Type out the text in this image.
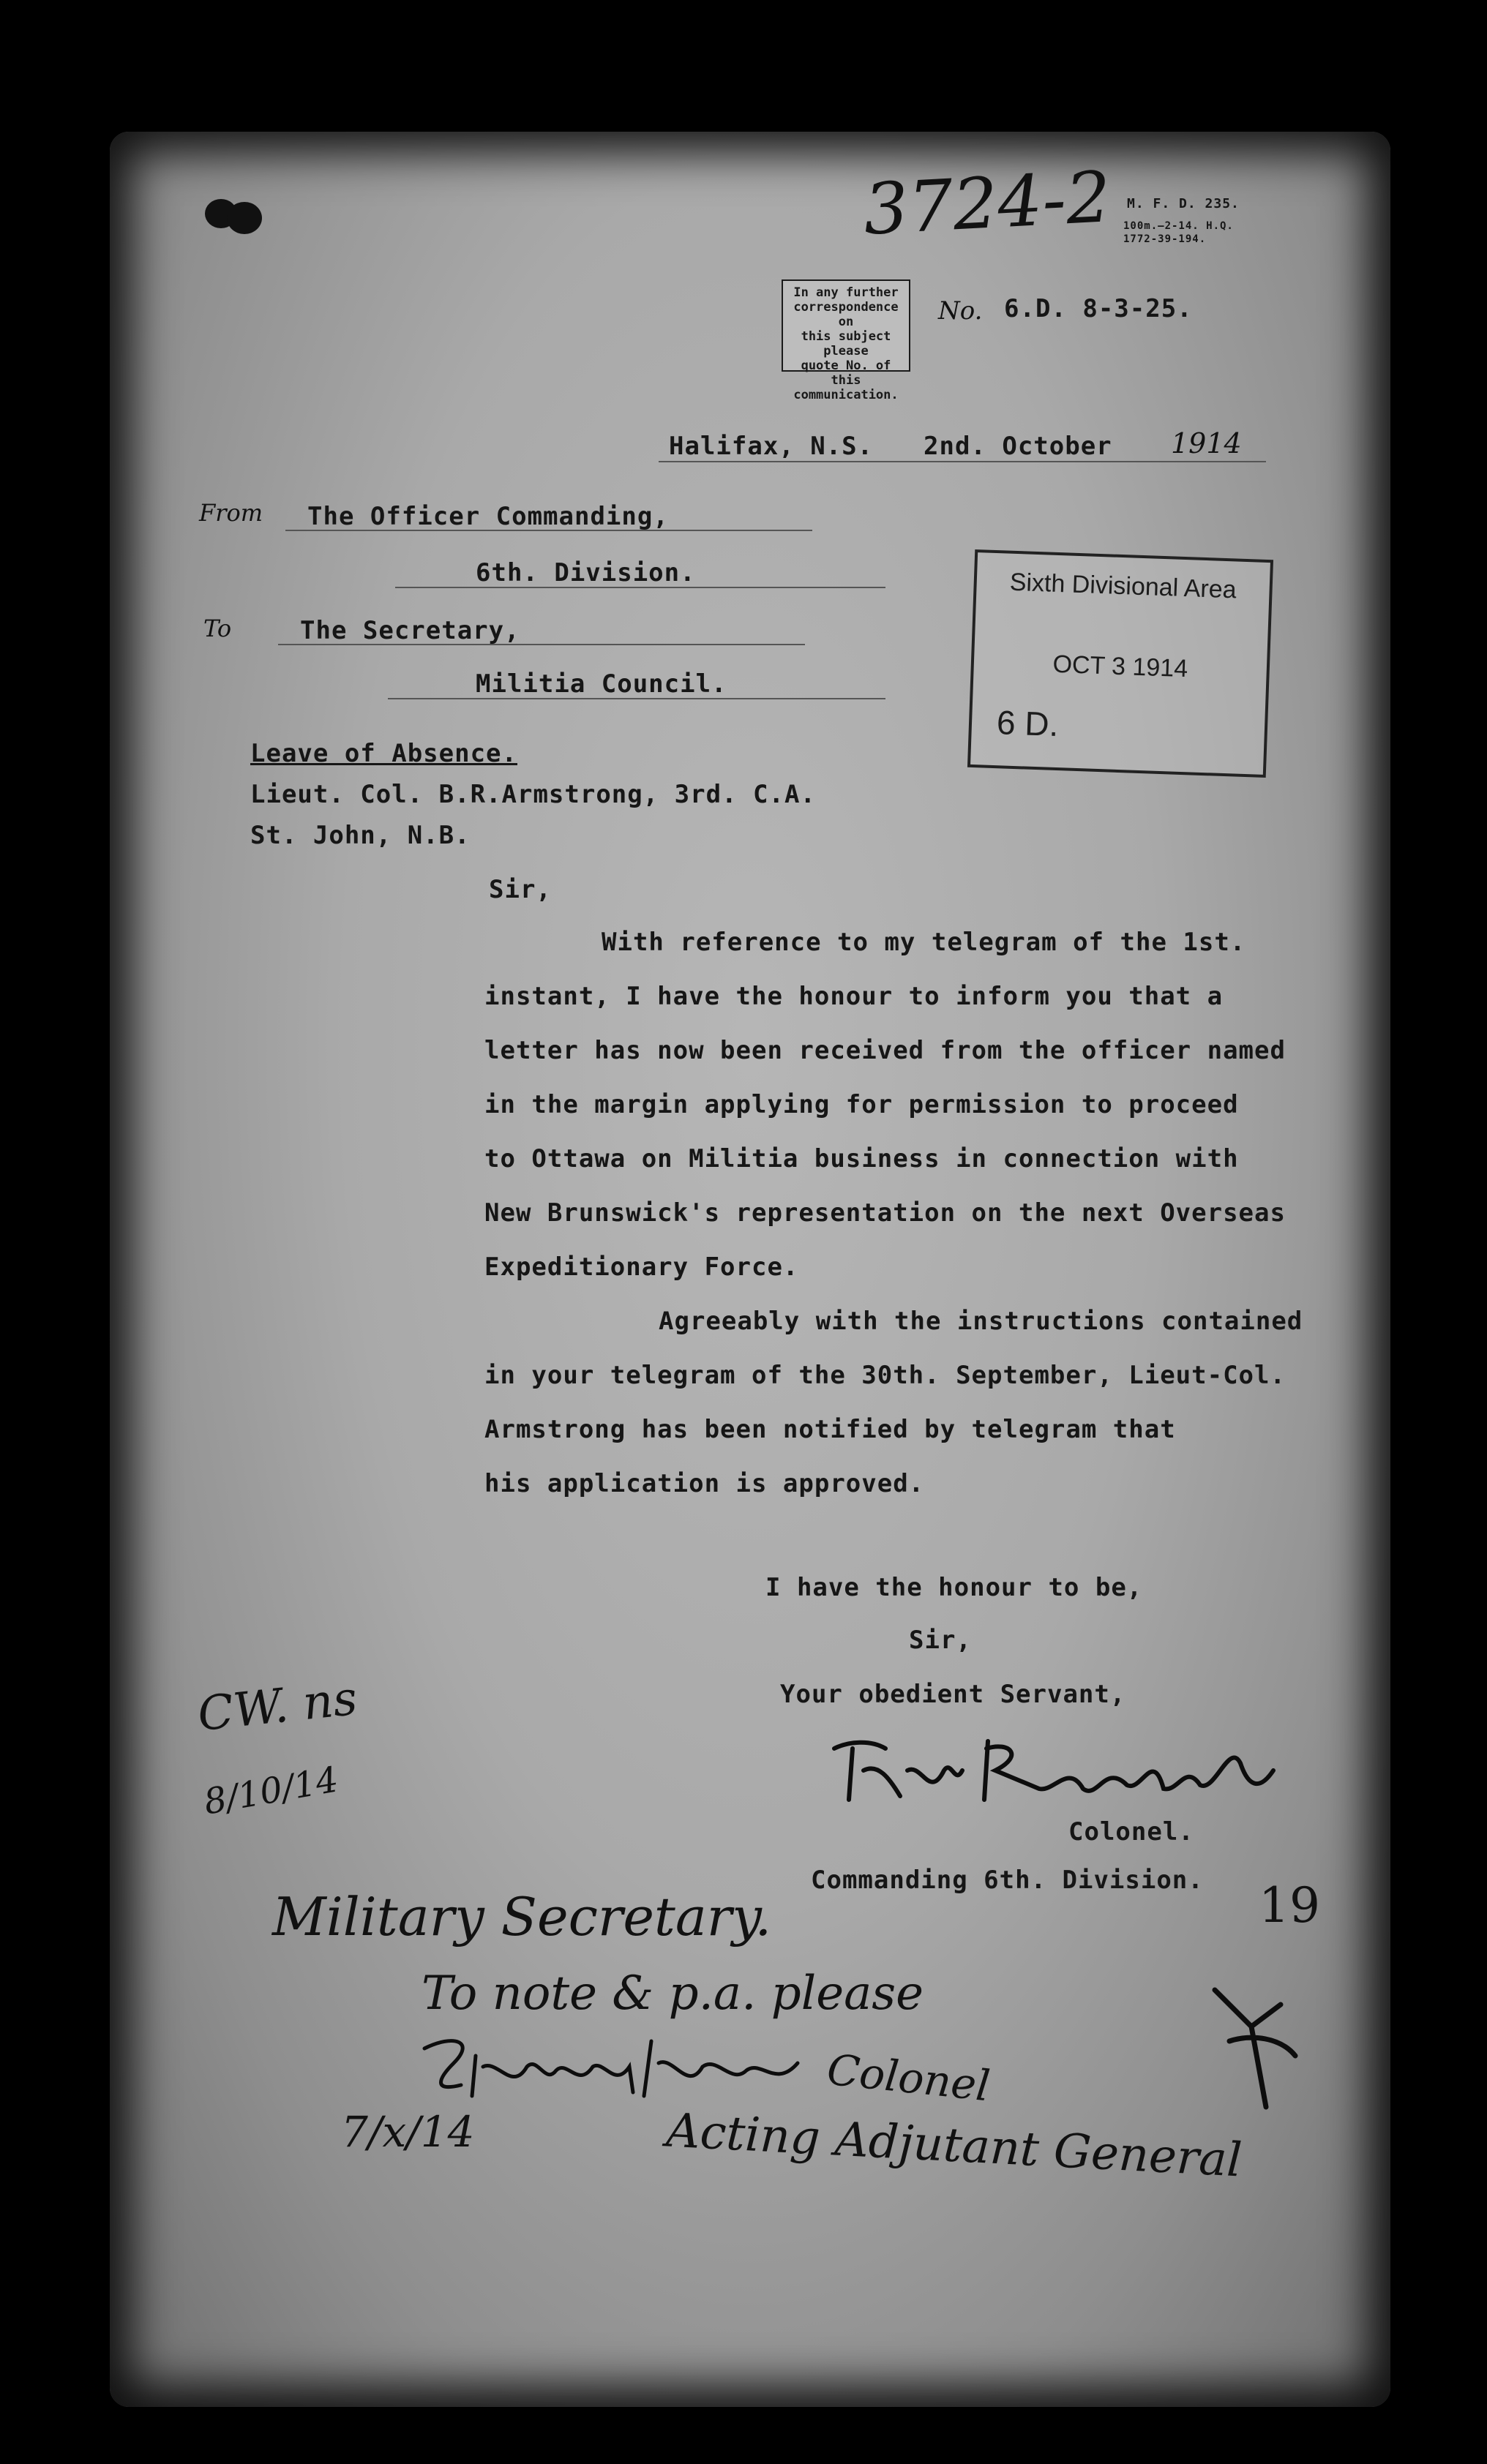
3724-2 M. F. D. 235.
100m.—2-14. H.Q. 1772-39-194.
In any further
correspondence on
this subject please
quote No. of this
communication.
No. 6.D. 8-3-25.
Halifax, N.S. 2nd. October 1914
From The Officer Commanding,
6th. Division.
To	The Secretary,
Militia Council.
Sixth Divisional Area
OCT 3 1914
6 D.
Leave of Absence.
Lieut. Col. B.R.Armstrong, 3rd. C.A.
St. John, N.B.
Sir,
With reference to my telegram of the 1st.
instant, I have the honour to inform you that a
letter has now been received from the officer named
in the margin applying for permission to proceed
to Ottawa on Militia business in connection with
New Brunswick's representation on the next Overseas
Expeditionary Force.
Agreeably with the instructions contained
in your telegram of the 30th. September, Lieut-Col.
Armstrong has been notified by telegram that
his application is approved.
I have the honour to be,
Sir,
Your obedient Servant,
Colonel.
Commanding 6th. Division. 19
CW. ns
8/10/14
Military Secretary.
To note & p.a. please
Colonel
7/x/14	Acting Adjutant General
